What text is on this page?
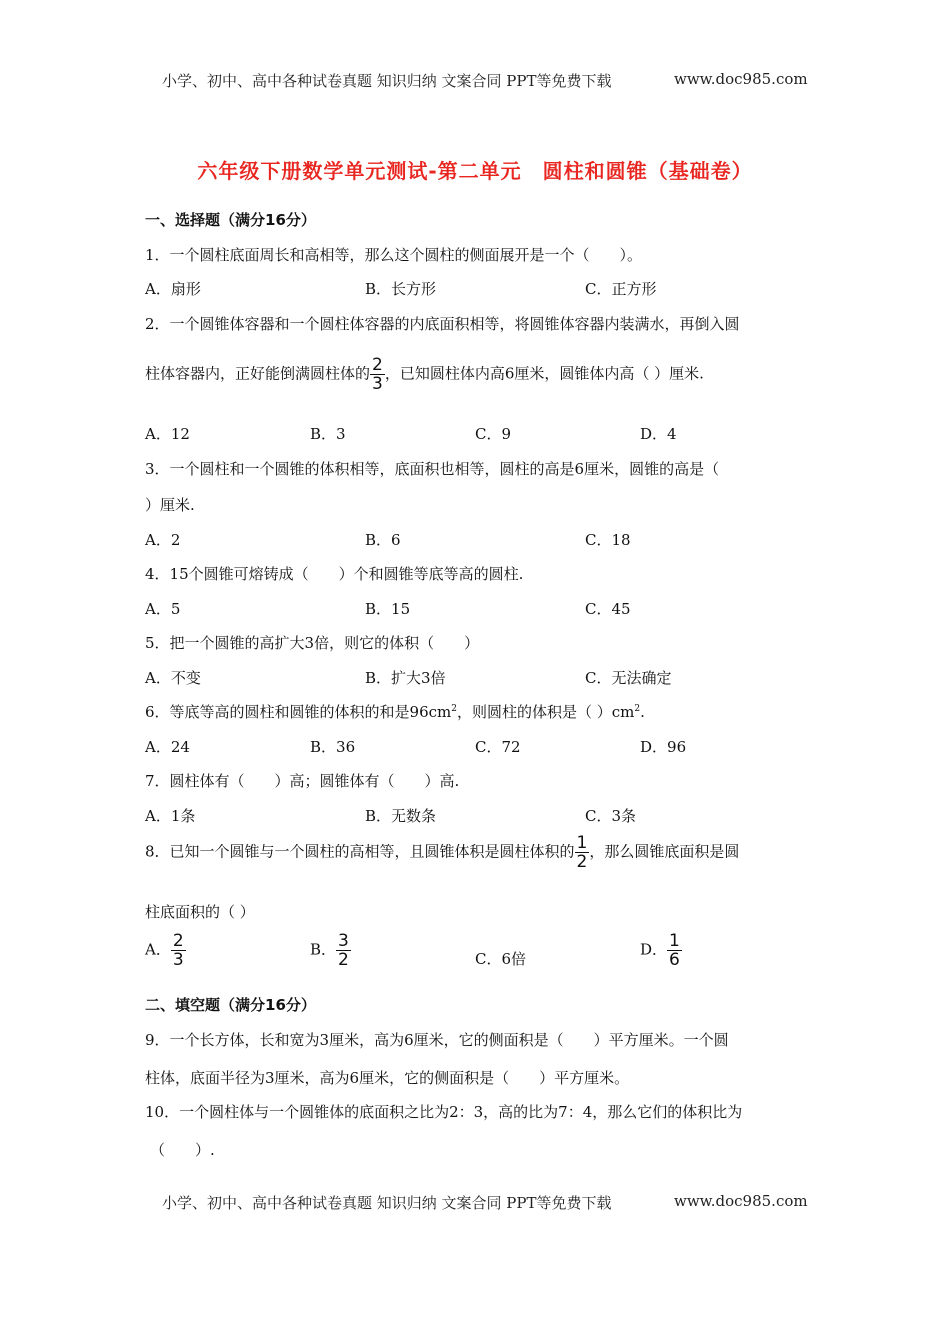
小学、初中、高中各种试卷真题 知识归纳 文案合同 PPT等免费下载	www.doc985.com
六年级下册数学单元测试-第二单元　圆柱和圆锥（基础卷）
一、选择题（满分16分）
1．一个圆柱底面周长和高相等，那么这个圆柱的侧面展开是一个（　　）。
A．扇形	B．长方形	C．正方形
2．一个圆锥体容器和一个圆柱体容器的内底面积相等，将圆锥体容器内装满水，再倒入圆
柱体容器内，正好能倒满圆柱体的 $\frac{2}{3}$ ，已知圆柱体内高6厘米，圆锥体内高（ ）厘米.
A．12	B．3	C．9	D．4
3．一个圆柱和一个圆锥的体积相等，底面积也相等，圆柱的高是6厘米，圆锥的高是（
）厘米.
A．2	B．6	C．18
4．15个圆锥可熔铸成（　　）个和圆锥等底等高的圆柱.
A．5	B．15	C．45
5．把一个圆锥的高扩大3倍，则它的体积（　　）
A．不变	B．扩大3倍	C．无法确定
6．等底等高的圆柱和圆锥的体积的和是$96cm^2$，则圆柱的体积是（ ）$cm^2$.
A．24	B．36	C．72	D．96
7．圆柱体有（　　）高；圆锥体有（　　）高.
A．1条	B．无数条	C．3条
8．已知一个圆锥与一个圆柱的高相等，且圆锥体积是圆柱体积的 $\frac{1}{2}$ ，那么圆锥底面积是圆
柱底面积的（ ）
A． $\frac{2}{3}$	B． $\frac{3}{2}$	C．6倍
D． $\frac{1}{6}$
二、填空题（满分16分）
9．一个长方体，长和宽为3厘米，高为6厘米，它的侧面积是（　　）平方厘米。一个圆
柱体，底面半径为3厘米，高为6厘米，它的侧面积是（　　）平方厘米。
10．一个圆柱体与一个圆锥体的底面积之比为2：3，高的比为7：4，那么它们的体积比为
（　　）.
小学、初中、高中各种试卷真题 知识归纳 文案合同 PPT等免费下载	www.doc985.com
